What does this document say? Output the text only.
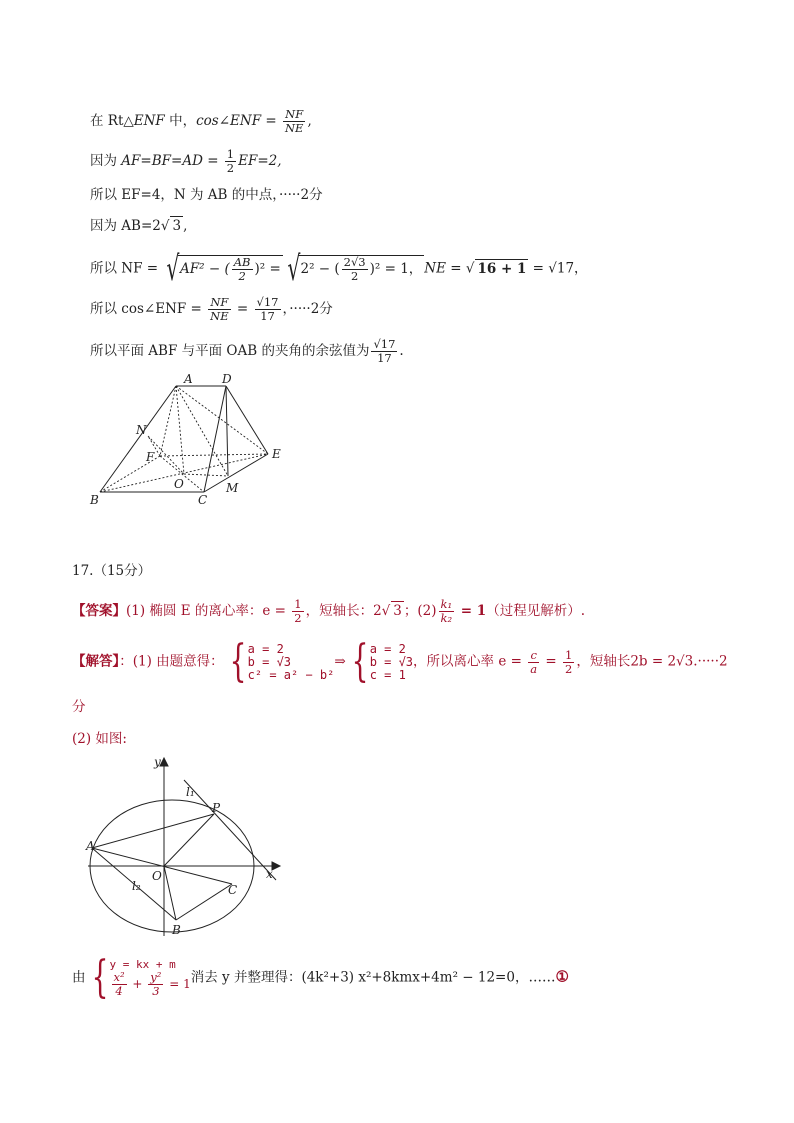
在 Rt△ENF 中，cos∠ENF = $\frac{NF}{NE}$ ,
因为 $AF=BF=AD = \frac{1}{2} EF=2$,
所以 EF=4，N 为 AB 的中点，·····2分
因为 AB=2√ 3 ,
所以 NF = √AF² − ( $\frac{AB}{2} )^2 =√2^2$ − ( $\frac{2√3}{2} )^2 = 1$， NE = √ 16 + 1 = √17，
所以 cos∠ENF = $\frac{NF}{NE} = \frac{√17}{17}$ ，·····2分
所以平面 ABF 与平面 OAB 的夹角的余弦值为 $\frac{√17}{17}$ .
A D
N
F	E
O	M
B	C
17.（15分）
【答案】(1) 椭圆 E 的离心率：$e = \frac{1}{2}$ ，短轴长：2√ 3 ；$(2) \frac{\text{k₁}}{\text{k₂}} = 1$（过程见解析）.
【解答】：(1) 由题意得： { a = 2
b = √3
c² = a² − b²
⇒ { a = 2
b = √3
c = 1
，所以离心率 $e = \frac{c}{a} = \frac{1}{2}$ ，短轴长2b = 2√3.·····2
分
(2) 如图:
y
x
l₁
P
A
O
l₂	C
B
由 { y = kx + m
$\frac{\text{x²}}{4} + \frac{\text{y²}}{3} = 1$ 消去 y 并整理得：(4k²+3) x²+8kmx+4m² − 12=0，……①
